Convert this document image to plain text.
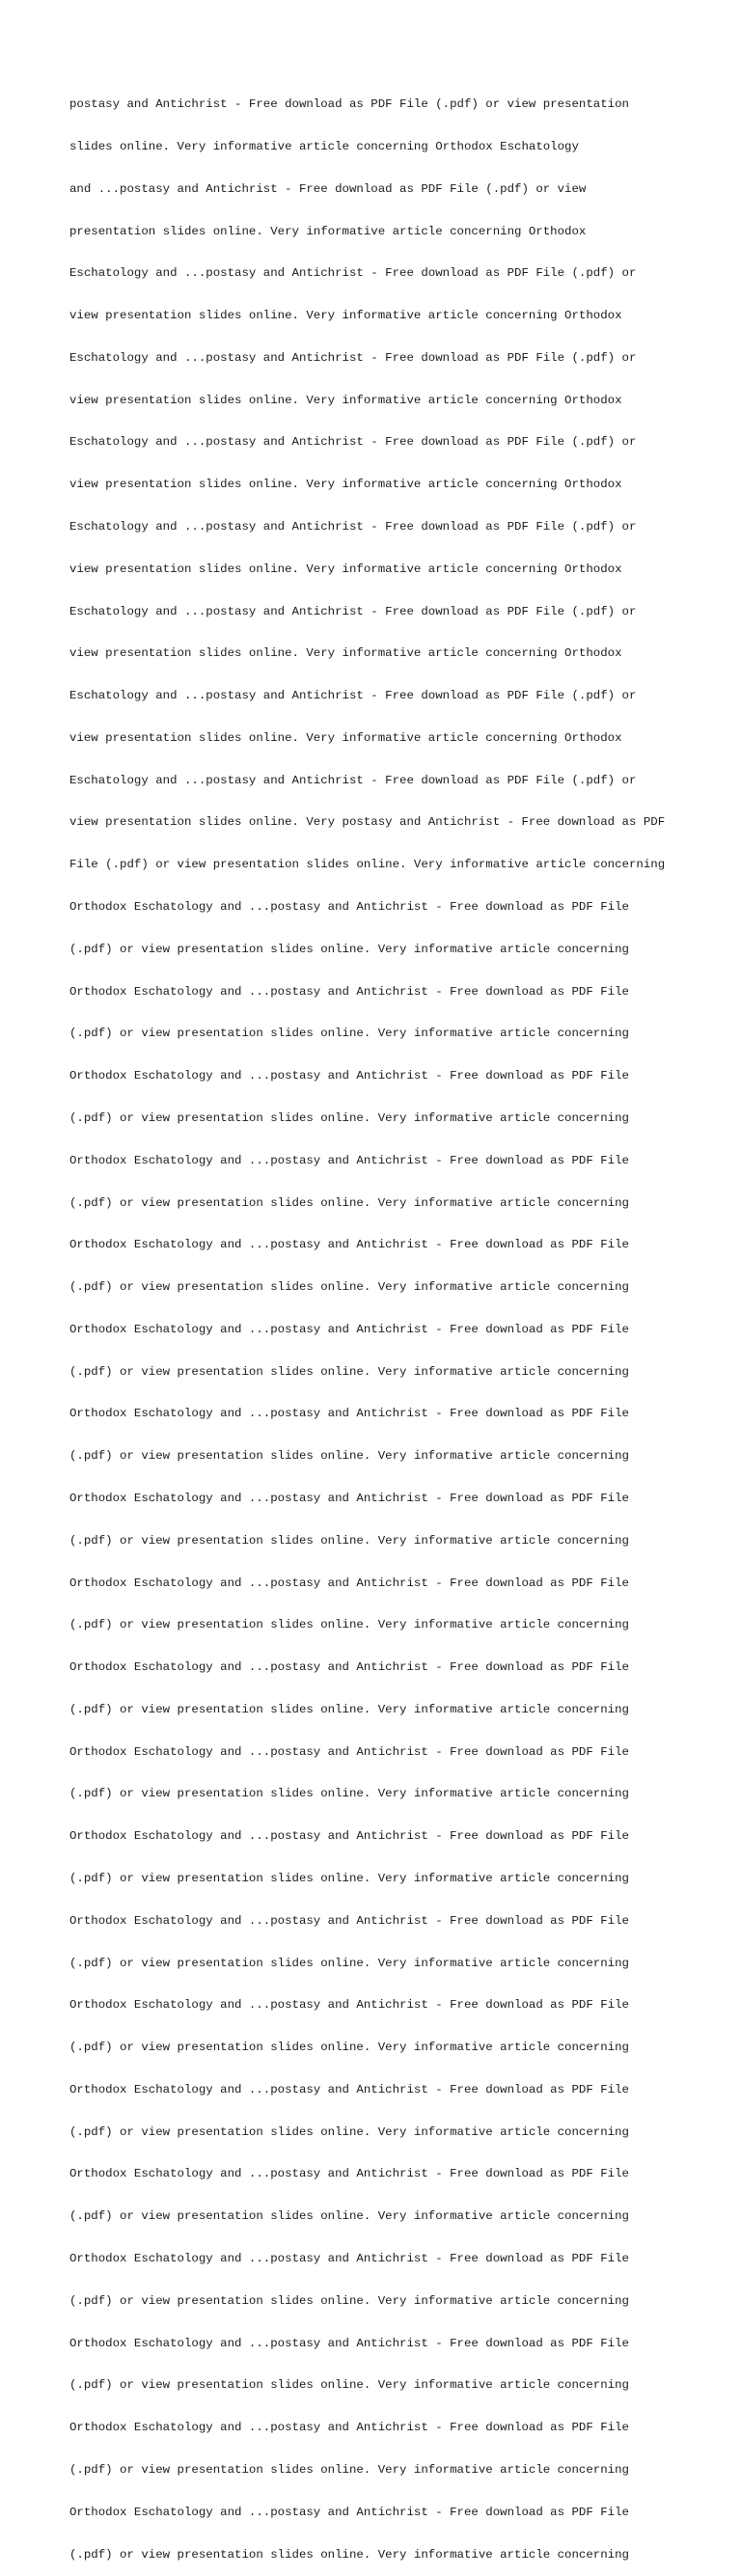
postasy and Antichrist - Free download as PDF File (.pdf) or view presentation

slides online. Very informative article concerning Orthodox Eschatology

and ...postasy and Antichrist - Free download as PDF File (.pdf) or view

presentation slides online. Very informative article concerning Orthodox

Eschatology and ...postasy and Antichrist - Free download as PDF File (.pdf) or

view presentation slides online. Very informative article concerning Orthodox

Eschatology and ...postasy and Antichrist - Free download as PDF File (.pdf) or

view presentation slides online. Very informative article concerning Orthodox

Eschatology and ...postasy and Antichrist - Free download as PDF File (.pdf) or

view presentation slides online. Very informative article concerning Orthodox

Eschatology and ...postasy and Antichrist - Free download as PDF File (.pdf) or

view presentation slides online. Very informative article concerning Orthodox

Eschatology and ...postasy and Antichrist - Free download as PDF File (.pdf) or

view presentation slides online. Very informative article concerning Orthodox

Eschatology and ...postasy and Antichrist - Free download as PDF File (.pdf) or

view presentation slides online. Very informative article concerning Orthodox

Eschatology and ...postasy and Antichrist - Free download as PDF File (.pdf) or

view presentation slides online. Very postasy and Antichrist - Free download as PDF

File (.pdf) or view presentation slides online. Very informative article concerning

Orthodox Eschatology and ...postasy and Antichrist - Free download as PDF File

(.pdf) or view presentation slides online. Very informative article concerning

Orthodox Eschatology and ...postasy and Antichrist - Free download as PDF File

(.pdf) or view presentation slides online. Very informative article concerning

Orthodox Eschatology and ...postasy and Antichrist - Free download as PDF File

(.pdf) or view presentation slides online. Very informative article concerning

Orthodox Eschatology and ...postasy and Antichrist - Free download as PDF File

(.pdf) or view presentation slides online. Very informative article concerning

Orthodox Eschatology and ...postasy and Antichrist - Free download as PDF File

(.pdf) or view presentation slides online. Very informative article concerning

Orthodox Eschatology and ...postasy and Antichrist - Free download as PDF File

(.pdf) or view presentation slides online. Very informative article concerning

Orthodox Eschatology and ...postasy and Antichrist - Free download as PDF File

(.pdf) or view presentation slides online. Very informative article concerning

Orthodox Eschatology and ...postasy and Antichrist - Free download as PDF File

(.pdf) or view presentation slides online. Very informative article concerning

Orthodox Eschatology and ...postasy and Antichrist - Free download as PDF File

(.pdf) or view presentation slides online. Very informative article concerning

Orthodox Eschatology and ...postasy and Antichrist - Free download as PDF File

(.pdf) or view presentation slides online. Very informative article concerning

Orthodox Eschatology and ...postasy and Antichrist - Free download as PDF File

(.pdf) or view presentation slides online. Very informative article concerning

Orthodox Eschatology and ...postasy and Antichrist - Free download as PDF File

(.pdf) or view presentation slides online. Very informative article concerning

Orthodox Eschatology and ...postasy and Antichrist - Free download as PDF File

(.pdf) or view presentation slides online. Very informative article concerning

Orthodox Eschatology and ...postasy and Antichrist - Free download as PDF File

(.pdf) or view presentation slides online. Very informative article concerning

Orthodox Eschatology and ...postasy and Antichrist - Free download as PDF File

(.pdf) or view presentation slides online. Very informative article concerning

Orthodox Eschatology and ...postasy and Antichrist - Free download as PDF File

(.pdf) or view presentation slides online. Very informative article concerning

Orthodox Eschatology and ...postasy and Antichrist - Free download as PDF File

(.pdf) or view presentation slides online. Very informative article concerning

Orthodox Eschatology and ...postasy and Antichrist - Free download as PDF File

(.pdf) or view presentation slides online. Very informative article concerning

Orthodox Eschatology and ...postasy and Antichrist - Free download as PDF File

(.pdf) or view presentation slides online. Very informative article concerning

Orthodox Eschatology and ...postasy and Antichrist - Free download as PDF File

(.pdf) or view presentation slides online. Very informative article concerning
